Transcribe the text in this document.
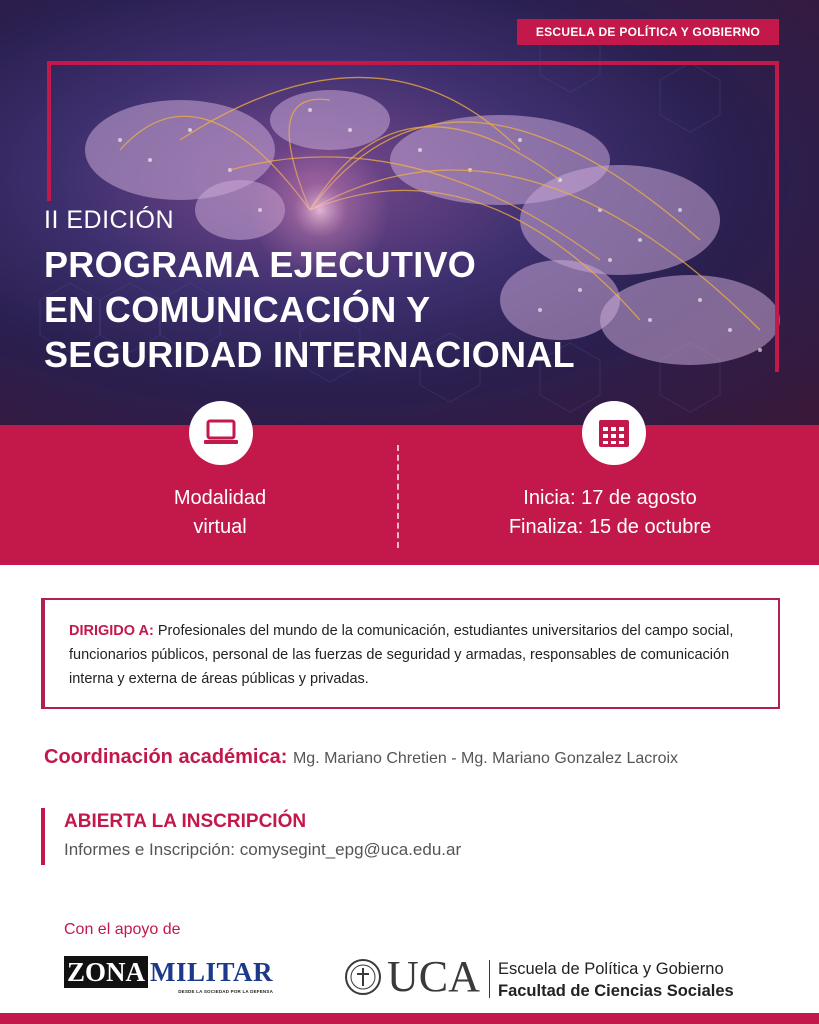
ESCUELA DE POLÍTICA Y GOBIERNO
II EDICIÓN
PROGRAMA EJECUTIVO
EN COMUNICACIÓN Y
SEGURIDAD INTERNACIONAL
Modalidad
virtual
Inicia: 17 de agosto
Finaliza: 15 de octubre

DIRIGIDO A: Profesionales del mundo de la comunicación, estudiantes universitarios del campo social, funcionarios públicos, personal de las fuerzas de seguridad y armadas, responsables de comunicación interna y externa de áreas públicas y privadas.

Coordinación académica: Mg. Mariano Chretien - Mg. Mariano Gonzalez Lacroix
ABIERTA LA INSCRIPCIÓN
Informes e Inscripción: comysegint_epg@uca.edu.ar
Con el apoyo de
ZONA MILITAR
DESDE LA SOCIEDAD POR LA DEFENSA	UCA Escuela de Política y Gobierno
Facultad de Ciencias Sociales
